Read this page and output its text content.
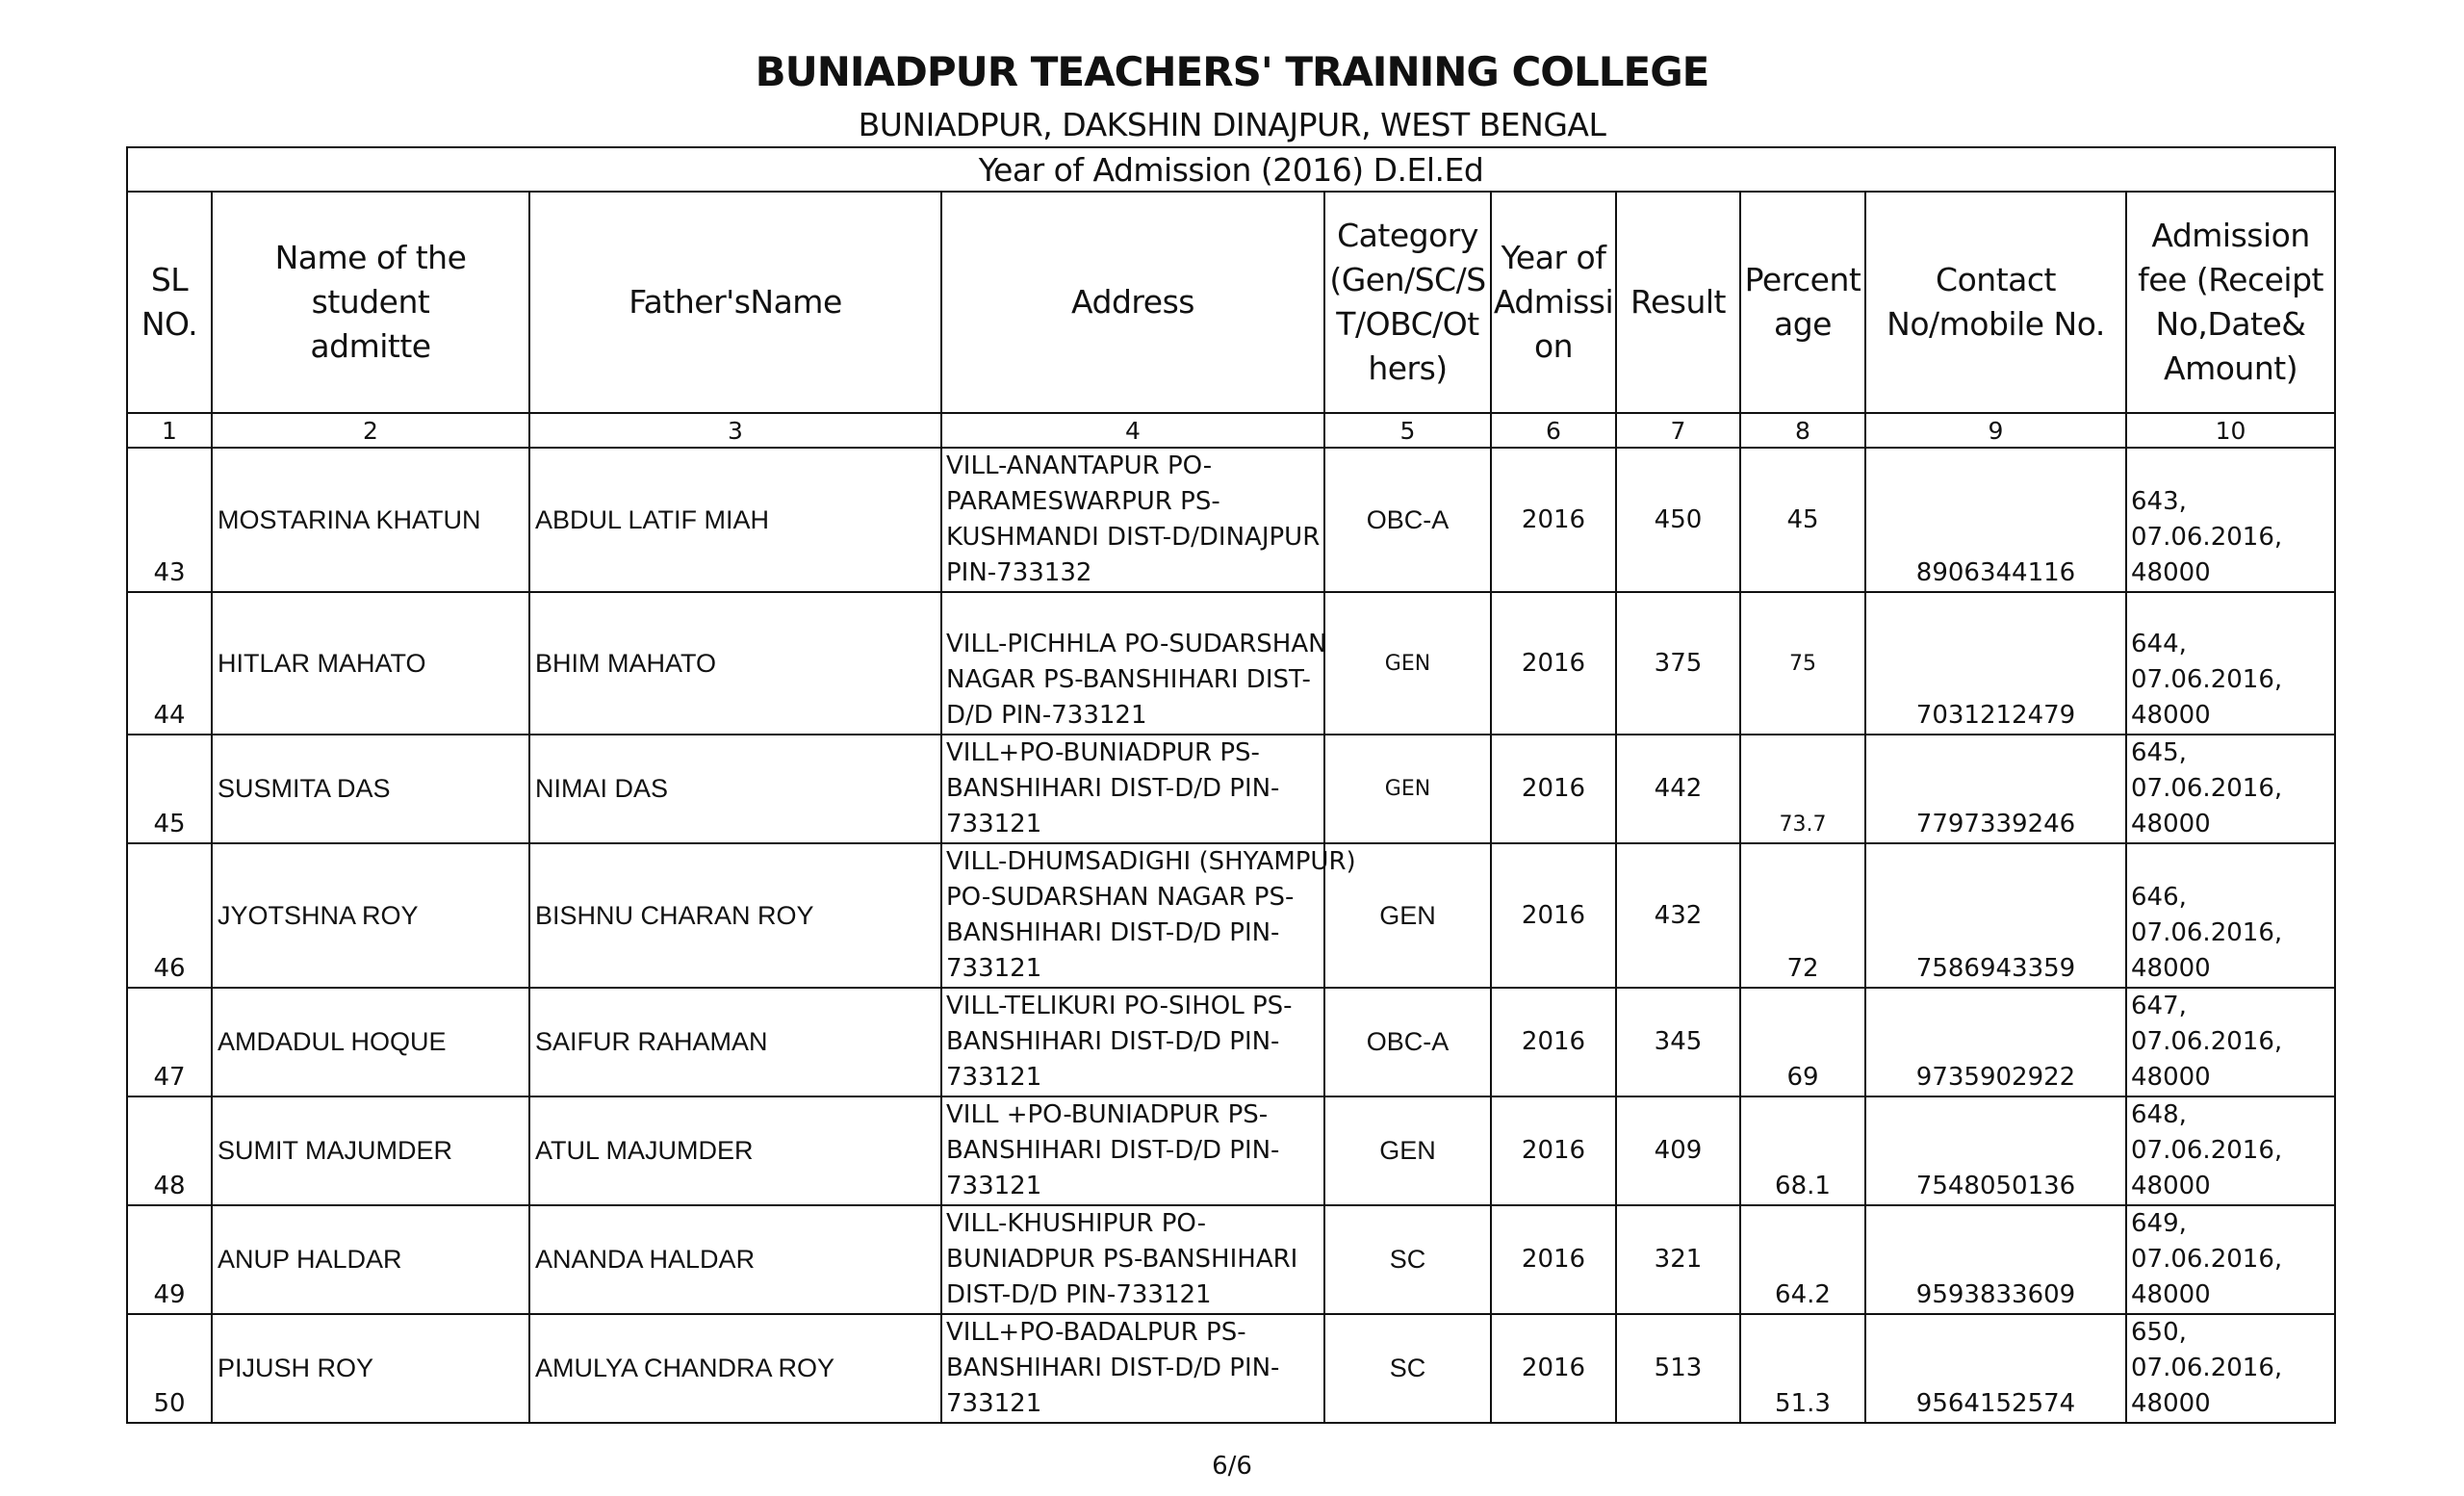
BUNIADPUR TEACHERS' TRAINING COLLEGE
BUNIADPUR, DAKSHIN DINAJPUR, WEST BENGAL
Year of Admission (2016) D.El.Ed									
SL
NO.	Name of the student
admitte	Father'sName	Address	Category
(Gen/SC/S
T/OBC/Ot
hers)	Year of
Admissi
on	Result	Percent
age	Contact
No/mobile No.	Admission
fee (Receipt
No,Date&
Amount)
1	2	3	4	5	6	7	8	9	10
43	MOSTARINA KHATUN	ABDUL LATIF MIAH	VILL-ANANTAPUR PO-
PARAMESWARPUR PS-
KUSHMANDI DIST-D/DINAJPUR
PIN-733132	OBC-A	2016	450	45	8906344116	643,
07.06.2016,
48000
44	HITLAR MAHATO	BHIM MAHATO	VILL-PICHHLA PO-SUDARSHAN
NAGAR PS-BANSHIHARI DIST-
D/D PIN-733121	GEN	2016	375	75	7031212479	644,
07.06.2016,
48000
45	SUSMITA DAS	NIMAI DAS	VILL+PO-BUNIADPUR PS-
BANSHIHARI DIST-D/D PIN-
733121	GEN	2016	442	73.7	7797339246	645,
07.06.2016,
48000
46	JYOTSHNA ROY	BISHNU CHARAN ROY	VILL-DHUMSADIGHI (SHYAMPUR)
PO-SUDARSHAN NAGAR PS-
BANSHIHARI DIST-D/D PIN-
733121	GEN	2016	432	72	7586943359	646,
07.06.2016,
48000
47	AMDADUL HOQUE	SAIFUR RAHAMAN	VILL-TELIKURI PO-SIHOL PS-
BANSHIHARI DIST-D/D PIN-
733121	OBC-A	2016	345	69	9735902922	647,
07.06.2016,
48000
48	SUMIT MAJUMDER	ATUL MAJUMDER	VILL +PO-BUNIADPUR PS-
BANSHIHARI DIST-D/D PIN-
733121	GEN	2016	409	68.1	7548050136	648,
07.06.2016,
48000
49	ANUP HALDAR	ANANDA HALDAR	VILL-KHUSHIPUR PO-
BUNIADPUR PS-BANSHIHARI
DIST-D/D PIN-733121	SC	2016	321	64.2	9593833609	649,
07.06.2016,
48000
50	PIJUSH ROY	AMULYA CHANDRA ROY	VILL+PO-BADALPUR PS-
BANSHIHARI DIST-D/D PIN-
733121	SC	2016	513	51.3	9564152574	650,
07.06.2016,
48000
6/6
